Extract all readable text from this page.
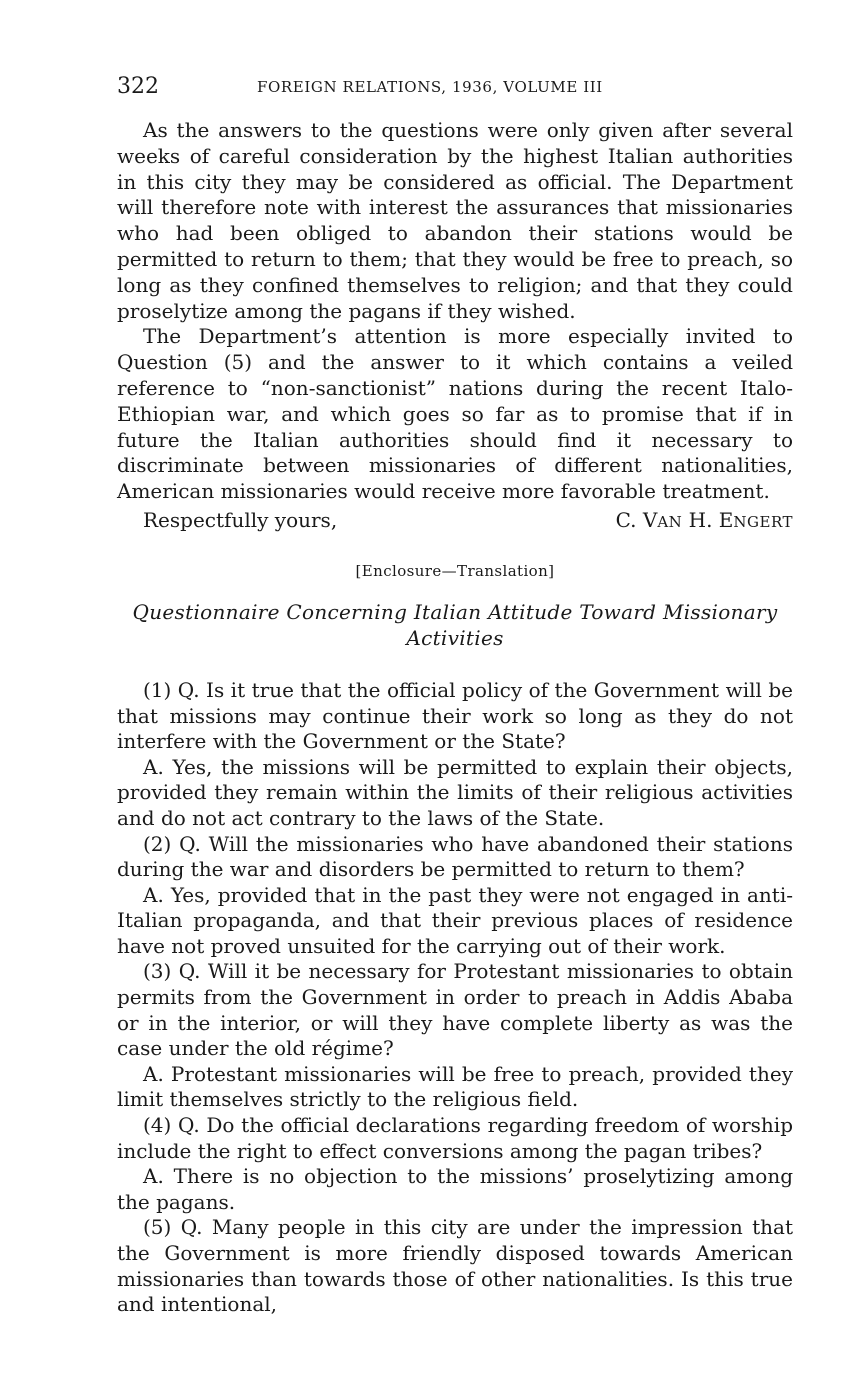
322	FOREIGN RELATIONS, 1936, VOLUME III

As the answers to the questions were only given after several weeks of careful consideration by the highest Italian authorities in this city they may be considered as official. The Department will therefore note with interest the assurances that missionaries who had been obliged to abandon their stations would be permitted to return to them; that they would be free to preach, so long as they confined themselves to religion; and that they could proselytize among the pagans if they wished.

The Department’s attention is more especially invited to Question (5) and the answer to it which contains a veiled reference to “non-sanctionist” nations during the recent Italo-Ethiopian war, and which goes so far as to promise that if in future the Italian authorities should find it necessary to discriminate between missionaries of different nationalities, American missionaries would receive more favorable treatment.

Respectfully yours,	C. VAN H. ENGERT
[Enclosure—Translation]
Questionnaire Concerning Italian Attitude Toward Missionary Activities

(1) Q. Is it true that the official policy of the Government will be that missions may continue their work so long as they do not interfere with the Government or the State?

A. Yes, the missions will be permitted to explain their objects, provided they remain within the limits of their religious activities and do not act contrary to the laws of the State.

(2) Q. Will the missionaries who have abandoned their stations during the war and disorders be permitted to return to them?

A. Yes, provided that in the past they were not engaged in anti-Italian propaganda, and that their previous places of residence have not proved unsuited for the carrying out of their work.

(3) Q. Will it be necessary for Protestant missionaries to obtain permits from the Government in order to preach in Addis Ababa or in the interior, or will they have complete liberty as was the case under the old régime?

A. Protestant missionaries will be free to preach, provided they limit themselves strictly to the religious field.

(4) Q. Do the official declarations regarding freedom of worship include the right to effect conversions among the pagan tribes?

A. There is no objection to the missions’ proselytizing among the pagans.

(5) Q. Many people in this city are under the impression that the Government is more friendly disposed towards American missionaries than towards those of other nationalities. Is this true and intentional,
